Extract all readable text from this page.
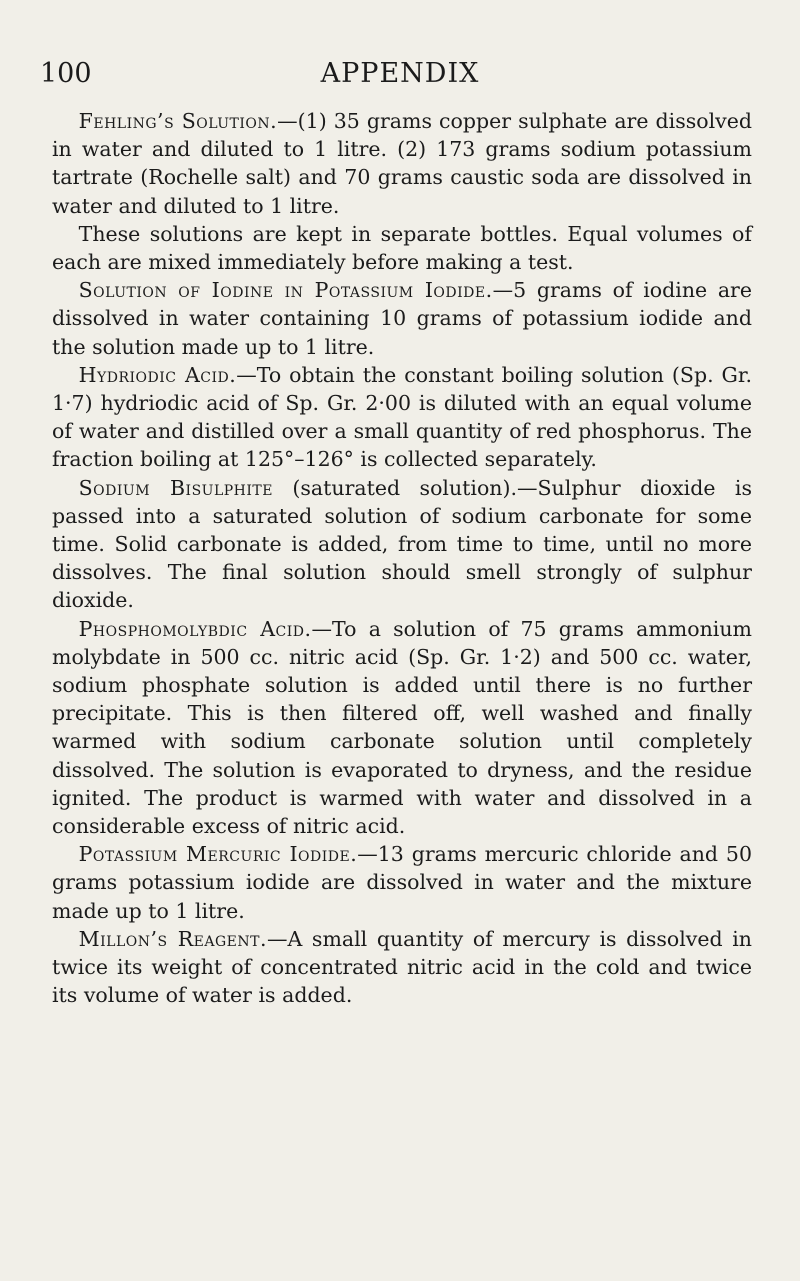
100	APPENDIX

Fehling’s Solution.—(1) 35 grams copper sulphate are dissolved in water and diluted to 1 litre. (2) 173 grams sodium potassium tartrate (Rochelle salt) and 70 grams caustic soda are dissolved in water and diluted to 1 litre.

These solutions are kept in separate bottles. Equal volumes of each are mixed immediately before making a test.

Solution of Iodine in Potassium Iodide.—5 grams of iodine are dissolved in water containing 10 grams of potassium iodide and the solution made up to 1 litre.

Hydriodic Acid.—To obtain the constant boiling solution (Sp. Gr. 1·7) hydriodic acid of Sp. Gr. 2·00 is diluted with an equal volume of water and distilled over a small quantity of red phosphorus. The fraction boiling at 125°–126° is collected separately.

Sodium Bisulphite (saturated solution).—Sulphur dioxide is passed into a saturated solution of sodium carbonate for some time. Solid carbonate is added, from time to time, until no more dissolves. The final solution should smell strongly of sulphur dioxide.

Phosphomolybdic Acid.—To a solution of 75 grams ammonium molybdate in 500 cc. nitric acid (Sp. Gr. 1·2) and 500 cc. water, sodium phosphate solution is added until there is no further precipitate. This is then filtered off, well washed and finally warmed with sodium carbonate solution until completely dissolved. The solution is evaporated to dryness, and the residue ignited. The product is warmed with water and dissolved in a considerable excess of nitric acid.

Potassium Mercuric Iodide.—13 grams mercuric chloride and 50 grams potassium iodide are dissolved in water and the mixture made up to 1 litre.

Millon’s Reagent.—A small quantity of mercury is dissolved in twice its weight of concentrated nitric acid in the cold and twice its volume of water is added.
